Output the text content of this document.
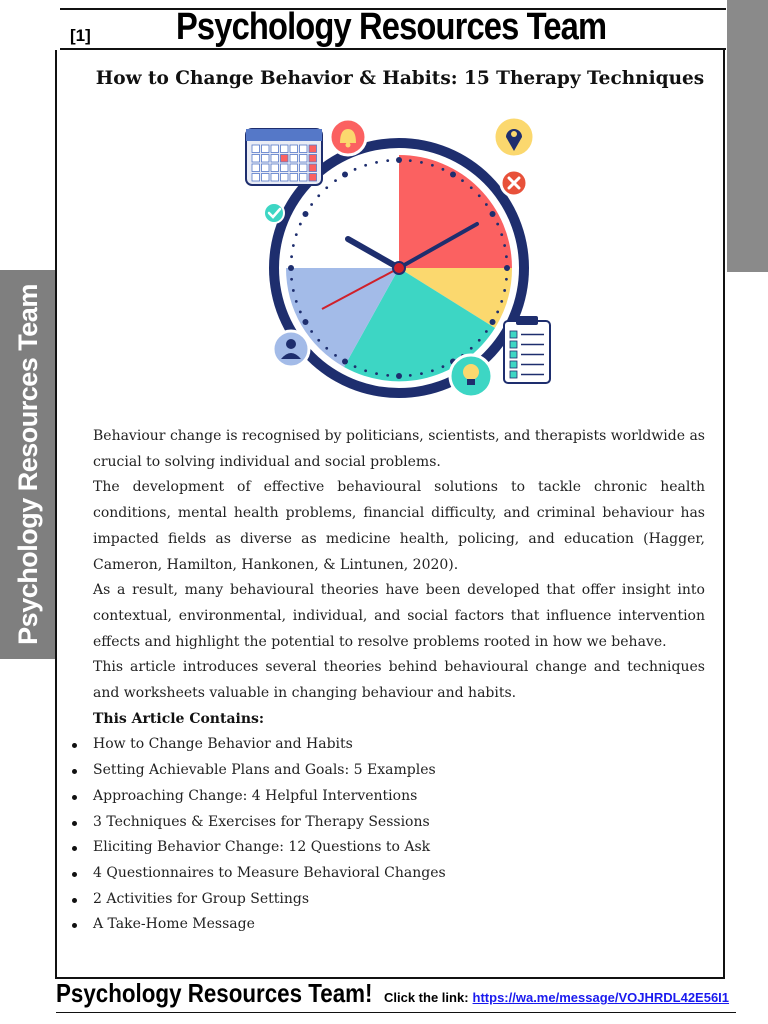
[1] Psychology Resources Team
Psychology Resources Team
How to Change Behavior & Habits: 15 Therapy Techniques

Behaviour change is recognised by politicians, scientists, and therapists worldwide as crucial to solving individual and social problems.

The development of effective behavioural solutions to tackle chronic health conditions, mental health problems, financial difficulty, and criminal behaviour has impacted fields as diverse as medicine health, policing, and education (Hagger, Cameron, Hamilton, Hankonen, & Lintunen, 2020).

As a result, many behavioural theories have been developed that offer insight into contextual, environmental, individual, and social factors that influence intervention effects and highlight the potential to resolve problems rooted in how we behave.

This article introduces several theories behind behavioural change and techniques and worksheets valuable in changing behaviour and habits.

This Article Contains:

How to Change Behavior and Habits
Setting Achievable Plans and Goals: 5 Examples
Approaching Change: 4 Helpful Interventions
3 Techniques & Exercises for Therapy Sessions
Eliciting Behavior Change: 12 Questions to Ask
4 Questionnaires to Measure Behavioral Changes
2 Activities for Group Settings
A Take-Home Message
Psychology Resources Team! Click the link: https://wa.me/message/VOJHRDL42E56I1
